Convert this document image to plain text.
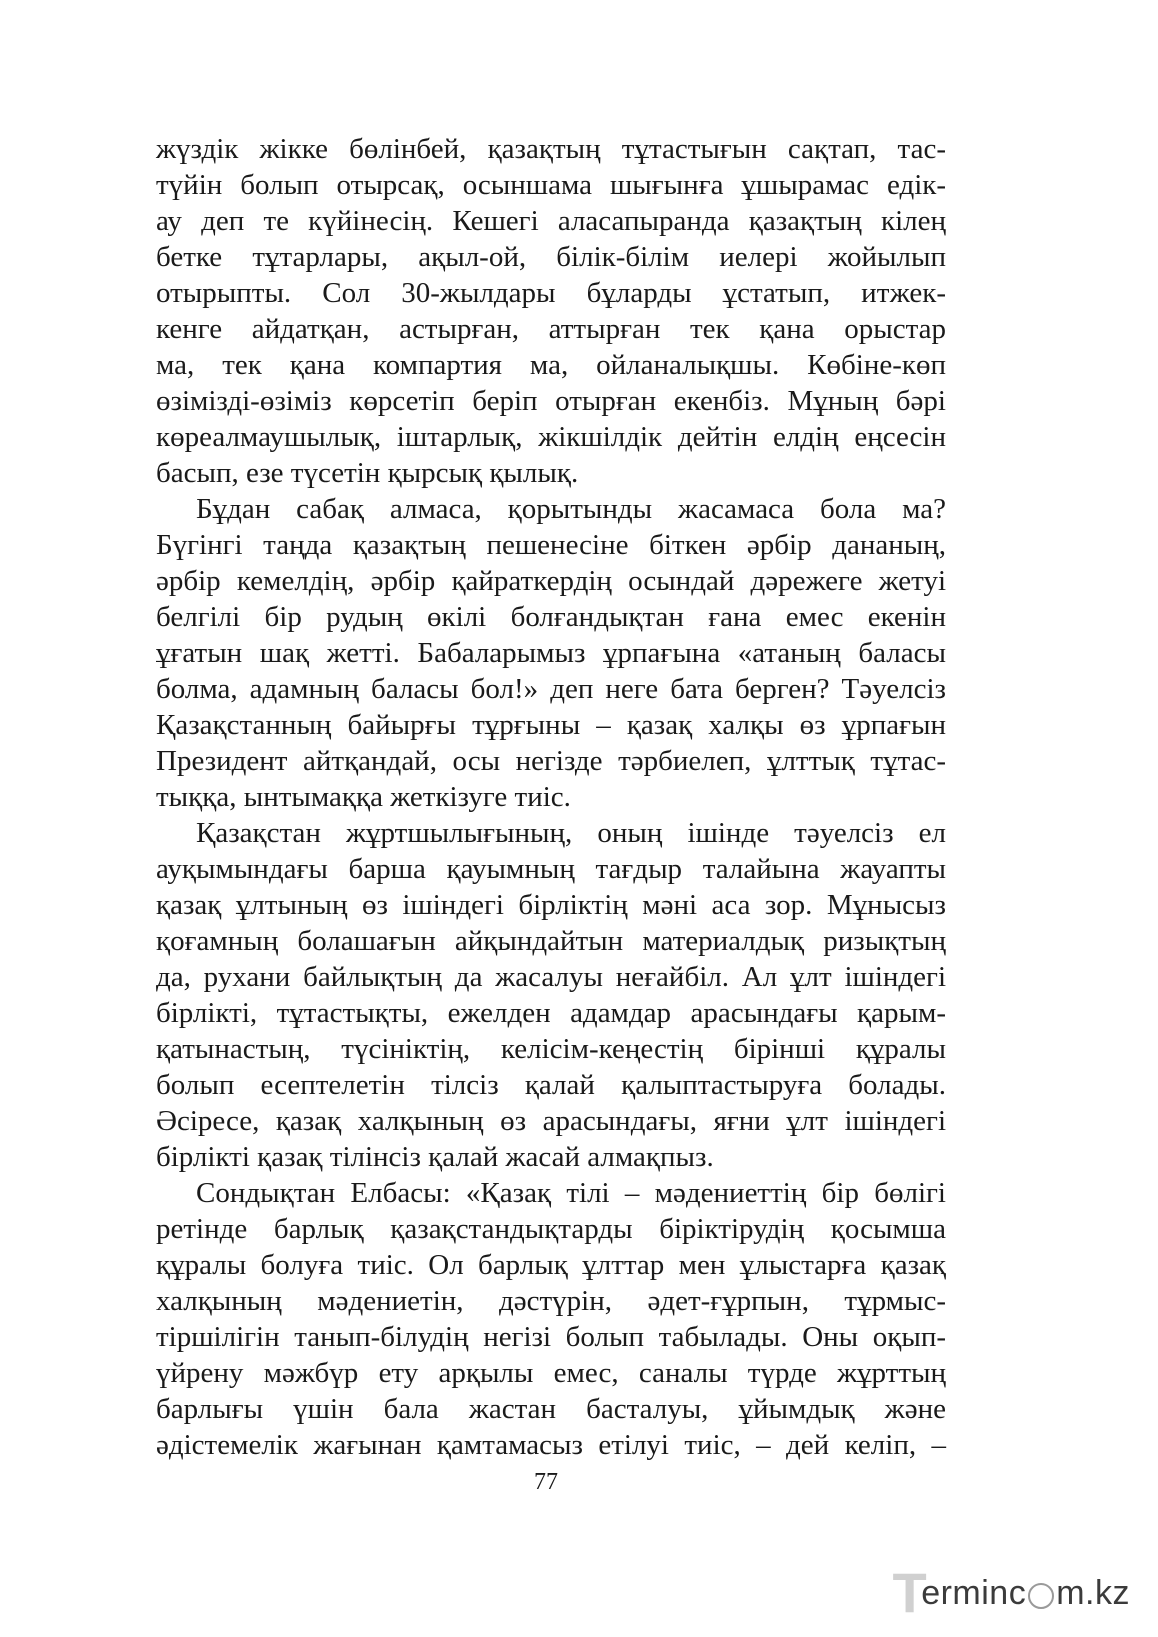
жүздік жікке бөлінбей, қазақтың тұтастығын сақтап, тас-
түйін болып отырсақ, осыншама шығынға ұшырамас едік-
ау деп те күйінесің. Кешегі аласапыранда қазақтың кілең
бетке тұтарлары, ақыл-ой, білік-білім иелері жойылып
отырыпты. Сол 30-жылдары бұларды ұстатып, итжек-
кенге айдатқан, астырған, аттырған тек қана орыстар
ма, тек қана компартия ма, ойланалықшы. Көбіне-көп
өзімізді-өзіміз көрсетіп беріп отырған екенбіз. Мұның бәрі
көреалмаушылық, іштарлық, жікшілдік дейтін елдің еңсесін
басып, езе түсетін қырсық қылық.
Бұдан сабақ алмаса, қорытынды жасамаса бола ма?
Бүгінгі таңда қазақтың пешенесіне біткен әрбір дананың,
әрбір кемелдің, әрбір қайраткердің осындай дәрежеге жетуі
белгілі бір рудың өкілі болғандықтан ғана емес екенін
ұғатын шақ жетті. Бабаларымыз ұрпағына «атаның баласы
болма, адамның баласы бол!» деп неге бата берген? Тәуелсіз
Қазақстанның байырғы тұрғыны – қазақ халқы өз ұрпағын
Президент айтқандай, осы негізде тәрбиелеп, ұлттық тұтас-
тыққа, ынтымаққа жеткізуге тиіс.
Қазақстан жұртшылығының, оның ішінде тәуелсіз ел
ауқымындағы барша қауымның тағдыр талайына жауапты
қазақ ұлтының өз ішіндегі бірліктің мәні аса зор. Мұнысыз
қоғамның болашағын айқындайтын материалдық ризықтың
да, рухани байлықтың да жасалуы неғайбіл. Ал ұлт ішіндегі
бірлікті, тұтастықты, ежелден адамдар арасындағы қарым-
қатынастың, түсініктің, келісім-кеңестің бірінші құралы
болып есептелетін тілсіз қалай қалыптастыруға болады.
Әсіресе, қазақ халқының өз арасындағы, яғни ұлт ішіндегі
бірлікті қазақ тілінсіз қалай жасай алмақпыз.
Сондықтан Елбасы: «Қазақ тілі – мәдениеттің бір бөлігі
ретінде барлық қазақстандықтарды біріктірудің қосымша
құралы болуға тиіс. Ол барлық ұлттар мен ұлыстарға қазақ
халқының мәдениетін, дәстүрін, әдет-ғұрпын, тұрмыс-
тіршілігін танып-білудің негізі болып табылады. Оны оқып-
үйрену мәжбүр ету арқылы емес, саналы түрде жұрттың
барлығы үшін бала жастан басталуы, ұйымдық және
әдістемелік жағынан қамтамасыз етілуі тиіс, – дей келіп, –
77
T
erminc m.kz
